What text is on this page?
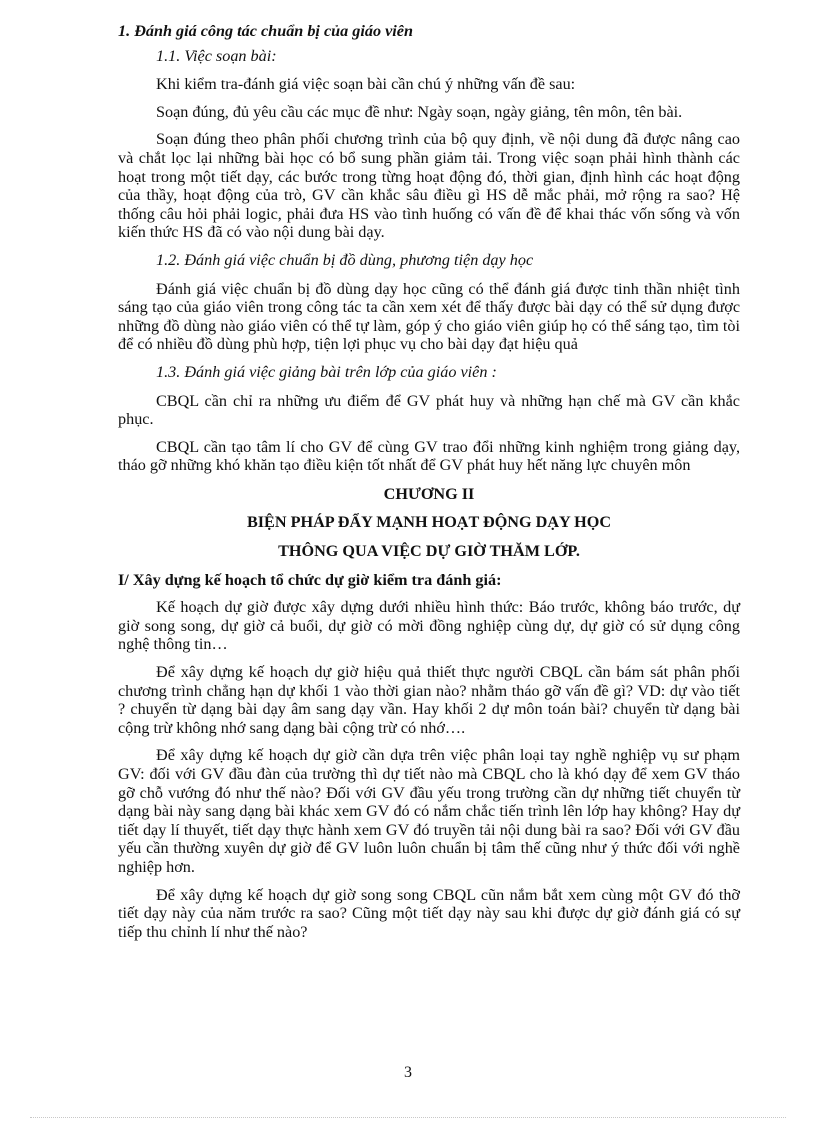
1. Đánh giá công tác chuẩn bị của giáo viên
1.1. Việc soạn bài:

Khi kiểm tra-đánh giá việc soạn bài cần chú ý những vấn đề sau:

Soạn đúng, đủ yêu cầu các mục đề như: Ngày soạn, ngày giảng, tên môn, tên bài.

Soạn đúng theo phân phối chương trình của bộ quy định, về nội dung đã được nâng cao và chắt lọc lại những bài học có bổ sung phần giảm tải. Trong việc soạn phải hình thành các hoạt trong một tiết dạy, các bước trong từng hoạt động đó, thời gian, định hình các hoạt động của thầy, hoạt động của trò, GV cần khắc sâu điều gì HS dễ mắc phải, mở rộng ra sao? Hệ thống câu hỏi phải logic, phải đưa HS vào tình huống có vấn đề để khai thác vốn sống và vốn kiến thức HS đã có vào nội dung bài dạy.

1.2. Đánh giá việc chuẩn bị đồ dùng, phương tiện dạy học

Đánh giá việc chuẩn bị đồ dùng dạy học cũng có thể đánh giá được tinh thần nhiệt tình sáng tạo của giáo viên trong công tác ta cần xem xét để thấy được bài dạy có thể sử dụng được những đồ dùng nào giáo viên có thể tự làm, góp ý cho giáo viên giúp họ có thể sáng tạo, tìm tòi để có nhiều đồ dùng phù hợp, tiện lợi phục vụ cho bài dạy đạt hiệu quả

1.3. Đánh giá việc giảng bài trên lớp của giáo viên :

CBQL cần chỉ ra những ưu điểm để GV phát huy và những hạn chế mà GV cần khắc phục.

CBQL cần tạo tâm lí cho GV để cùng GV trao đổi những kinh nghiệm trong giảng dạy, tháo gỡ những khó khăn tạo điều kiện tốt nhất để GV phát huy hết năng lực chuyên môn

CHƯƠNG II
BIỆN PHÁP ĐẨY MẠNH HOẠT ĐỘNG DẠY HỌC
THÔNG QUA VIỆC DỰ GIỜ THĂM LỚP.
I/ Xây dựng kế hoạch tổ chức dự giờ kiểm tra đánh giá:

Kế hoạch dự giờ được xây dựng dưới nhiều hình thức: Báo trước, không báo trước, dự giờ song song, dự giờ cả buổi, dự giờ có mời đồng nghiệp cùng dự, dự giờ có sử dụng công nghệ thông tin…

Để xây dựng kế hoạch dự giờ hiệu quả thiết thực người CBQL cần bám sát phân phối chương trình chẳng hạn dự khối 1 vào thời gian nào? nhằm tháo gỡ vấn đề gì? VD: dự vào tiết ? chuyển từ dạng bài dạy âm sang dạy vần. Hay khối 2 dự môn toán bài? chuyển từ dạng bài cộng trừ không nhớ sang dạng bài cộng trừ có nhớ….

Để xây dựng kế hoạch dự giờ cần dựa trên việc phân loại tay nghề nghiệp vụ sư phạm GV: đối với GV đầu đàn của trường thì dự tiết nào mà CBQL cho là khó dạy để xem GV tháo gỡ chỗ vướng đó như thế nào? Đối với GV đầu yếu trong trường cần dự những tiết chuyển từ dạng bài này sang dạng bài khác xem GV đó có nắm chắc tiến trình lên lớp hay không? Hay dự tiết dạy lí thuyết, tiết dạy thực hành xem GV đó truyền tải nội dung bài ra sao? Đối với GV đầu yếu cần thường xuyên dự giờ để GV luôn luôn chuẩn bị tâm thế cũng như ý thức đối với nghề nghiệp hơn.

Để xây dựng kế hoạch dự giờ song song CBQL cũn nắm bắt xem cùng một GV đó thỡ tiết dạy này của năm trước ra sao? Cũng một tiết dạy này sau khi được dự giờ đánh giá có sự tiếp thu chỉnh lí như thế nào?

3
